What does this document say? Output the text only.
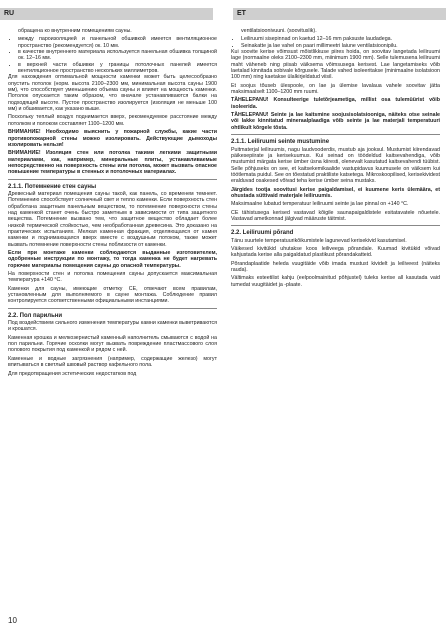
RU	ET

обращена ко внутренним помещениям сауны.

• между пароизоляцией и панельной обшивкой имеется вентиляционное пространство (рекомендуется) ок. 10 мм.
• в качестве внутреннего материала используется панельная обшивка толщиной ок. 12–16 мм.
• в верхней части обшивки у границы потолочных панелей имеется вентиляционное пространство нескольких миллиметров.

Для нахождения оптимальной мощности каменки может быть целесообразно опустить потолок (норм. высота 2100–2300 мм, минимальная высота сауны 1900 мм), что способствует уменьшению объема сауны и влияет на мощность каменки. Потолок опускается таким образом, что вначале устанавливаются балки на подходящей высоте. Пустое пространство изолируется (изоляция не меньше 100 мм) и обшивается, как указано выше.

Поскольку теплый воздух поднимается вверх, рекомендуемое расстояние между потолком и полоком составляет 1100–1200 мм.

ВНИМАНИЕ! Необходимо выяснить у пожарной службы, какие части противопожарной стены можно изолировать. Действующие дымоходы изолировать нельзя!

ВНИМАНИЕ! Изоляция стен или потолка такими легкими защитными материалами, как, например, минеральные плиты, устанавливаемые непосредственно на поверхность стены или потолка, может вызвать опасное повышение температуры в стенных и потолочных материалах.

2.1.1. Потемнение стен сауны

Древесный материал помещения сауны такой, как панель, со временем темнеет. Потемнению способствует солнечный свет и тепло каменки. Если поверхность стен обработана защитным панельным веществом, то потемнение поверхности стены над каменкой станет очень быстро заметным в зависимости от типа защитного вещества. Потемнение вызвано тем, что защитное вещество обладает более низкой термической стойкостью, чем необработанная древесина. Это доказано на практических испытаниях. Мелкая каменная фракция, отделяющаяся от камня каменки и поднимающаяся вверх вместе с воздушным потоком, также может вызвать потемнение поверхности стены поблизости от каменки.

Если при монтаже каменки соблюдаются выданные изготовителем, одобренные инструкции по монтажу, то тогда каменка не будет нагревать горючие материалы помещения сауны до опасной температуры.

На поверхности стен и потолка помещения сауны допускается максимальная температура +140 °C.

Каменки для сауны, имеющие отметку CE, отвечают всем правилам, установленным для выполняемого в сауне монтажа. Соблюдение правил контролируется соответственными официальными инстанциями.

2.2. Пол парильни

Под воздействием сильного изменения температуры камни каменки выветриваются и крошатся.

Каменная крошка и мелкозернистый каменный наполнитель смываются с водой на пол парильни. Горячие осколки могут вызвать повреждение пластмассового слоя полового покрытия под каменкой и рядом с ней.

Каменные и водные загрязнения (например, содержащие железо) могут впитываться в светлый швовый раствор кафельного пола.

Для предотвращения эстетических недостатков под

ventilatsioonivuuni. (soovituslik).

• Leiliruumi sisepinnad on kaetud 12–16 mm paksuste laudadega.
• Seinakatte ja lae vahel on paari millimeetri laiune ventilatsioonipilu.

Kui soovite kerise võimsust mõistlikkuse piires hoida, on soovitav langetada leiliruumi lage (normaalne oleks 2100–2300 mm, miinimum 1900 mm). Selle tulemusena leiliruumi maht väheneb ning piisab väiksema võimsusega kerisest. Lae langetamiseks võib laetalad kinnitada sobivale kõrgusele. Talade vahed isoleeritakse (minimaalne isolatsioon 100 mm) ning kaetakse ülalkirjeldatud viisil.

Et soojus tõuseb ülespoole, on lae ja ülemise lavalaua vahele soovitav jätta maksimaalselt 1100–1200 mm ruumi.

TÄHELEPANU! Konsulteerige tuletõrjeametiga, millist osa tulemüürist võib isoleerida.

TÄHELEPANU! Seinte ja lae kaitsmine soojusisolatsiooniga, näiteks otse seinale või lakke kinnitatud mineraalplaadiga võib seinte ja lae materjali temperatuuri ohtlikult kõrgele tõsta.

2.1.1. Leiliruumi seinte mustumine

Puitmaterjal leiliruumis, nagu laudvooderdis, mustub aja jooksul. Mustumist kiirendavad päikesepiirate ja kerisekuumus. Kui seinad on töödeldud kaitsevahendiga, võib mustumist märgata kerise ümber üsna kiiresti, olenevalt kasutatud kaitsevahendi tüübist. Selle põhjuseks on see, et kaitsekemikaalide vastupidavus kuumusele on väiksem kui töötlemata puidul. See on tõestatud praktiliste katsetega. Mikroskoopilised, kerisekividest eralduvad osakesed võivad teha kerise ümber seina mustaks.

Järgides tootja soovitusi kerise paigaldamisel, ei kuumene keris ülemäära, et ohustada süttivaid materjale leiliruumis.

Maksimaalne lubatud temperatuur leiliruumi seinte ja lae pinnal on +140 °C.

CE tähistusega kerised vastavad kõigile saunapaigaldistele esitatavatele nõuetele. Vastavad ametkonnad jälgivad määruste täitmist.

2.2. Leiliruumi põrand

Tänu suurtele temperatuurikõikumistele lagunevad kerisekivid kasutamisel.

Väikesed kivitükid uhutakse koos leiliveega põrandale. Kuumad kivitükid võivad kahjustada kerise alla paigaldatud plastikust põrandakatteid.

Põrandaplaatide heleda vuugitäide võib imada mustust kividelt ja leiliveest (näiteks rauda).

Vältimaks esteetilist kahju (eelpoolmainitud põhjustel) tuleks kerise all kasutada vaid tumedat vuugitäidet ja -plaate.

10
